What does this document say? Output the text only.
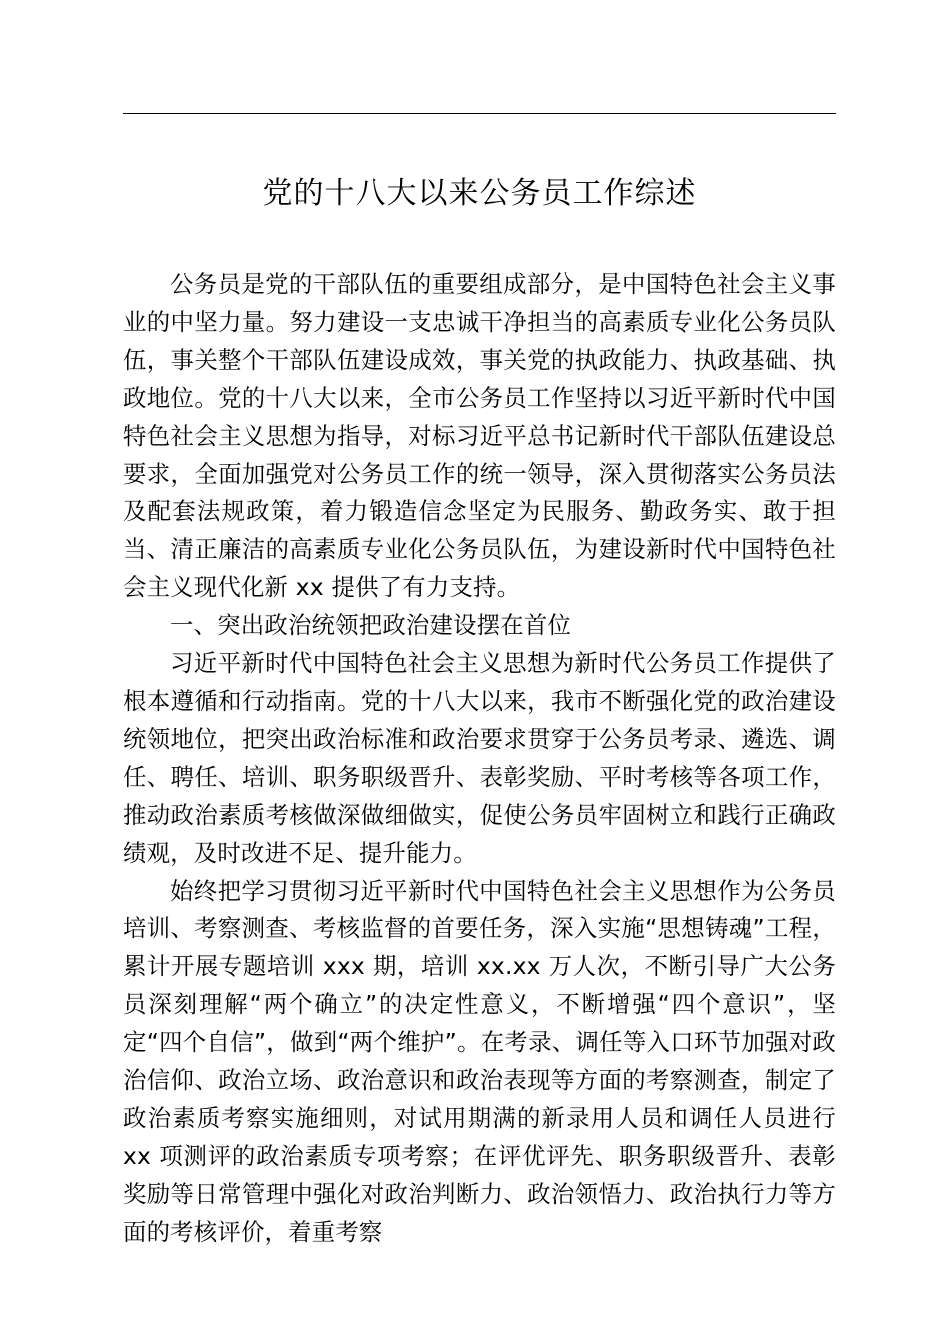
党的十八大以来公务员工作综述

公务员是党的干部队伍的重要组成部分，是中国特色社会主义事业的中坚力量。努力建设一支忠诚干净担当的高素质专业化公务员队伍，事关整个干部队伍建设成效，事关党的执政能力、执政基础、执政地位。党的十八大以来，全市公务员工作坚持以习近平新时代中国特色社会主义思想为指导，对标习近平总书记新时代干部队伍建设总要求，全面加强党对公务员工作的统一领导，深入贯彻落实公务员法及配套法规政策，着力锻造信念坚定为民服务、勤政务实、敢于担当、清正廉洁的高素质专业化公务员队伍，为建设新时代中国特色社会主义现代化新 xx 提供了有力支持。

一、突出政治统领把政治建设摆在首位

习近平新时代中国特色社会主义思想为新时代公务员工作提供了根本遵循和行动指南。党的十八大以来，我市不断强化党的政治建设统领地位，把突出政治标准和政治要求贯穿于公务员考录、遴选、调任、聘任、培训、职务职级晋升、表彰奖励、平时考核等各项工作，推动政治素质考核做深做细做实，促使公务员牢固树立和践行正确政绩观，及时改进不足、提升能力。

始终把学习贯彻习近平新时代中国特色社会主义思想作为公务员培训、考察测查、考核监督的首要任务，深入实施“思想铸魂”工程，累计开展专题培训 xxx 期，培训 xx.xx 万人次，不断引导广大公务员深刻理解“两个确立”的决定性意义，不断增强“四个意识”，坚定“四个自信”，做到“两个维护”。在考录、调任等入口环节加强对政治信仰、政治立场、政治意识和政治表现等方面的考察测查，制定了政治素质考察实施细则，对试用期满的新录用人员和调任人员进行 xx 项测评的政治素质专项考察；在评优评先、职务职级晋升、表彰奖励等日常管理中强化对政治判断力、政治领悟力、政治执行力等方面的考核评价，着重考察
